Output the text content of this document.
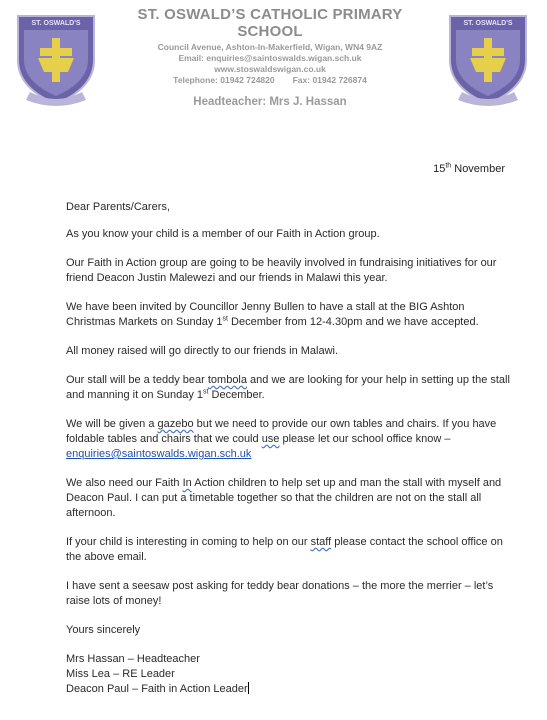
ST. OSWALD'S
ST. OSWALD’S CATHOLIC PRIMARY SCHOOL
Council Avenue, Ashton-In-Makerfield, Wigan, WN4 9AZ
Email: enquiries@saintoswalds.wigan.sch.uk
www.stoswaldswigan.co.uk
Telephone: 01942 724820 Fax: 01942 726874
Headteacher: Mrs J. Hassan
ST. OSWALD'S
15th November

Dear Parents/Carers,

As you know your child is a member of our Faith in Action group.

Our Faith in Action group are going to be heavily involved in fundraising initiatives for our friend Deacon Justin Malewezi and our friends in Malawi this year.

We have been invited by Councillor Jenny Bullen to have a stall at the BIG Ashton Christmas Markets on Sunday 1st December from 12-4.30pm and we have accepted.

All money raised will go directly to our friends in Malawi.

Our stall will be a teddy bear tombola and we are looking for your help in setting up the stall and manning it on Sunday 1st December.

We will be given a gazebo but we need to provide our own tables and chairs. If you have foldable tables and chairs that we could use please let our school office know – enquiries@saintoswalds.wigan.sch.uk

We also need our Faith In Action children to help set up and man the stall with myself and Deacon Paul. I can put a timetable together so that the children are not on the stall all afternoon.

If your child is interesting in coming to help on our staff please contact the school office on the above email.

I have sent a seesaw post asking for teddy bear donations – the more the merrier – let’s raise lots of money!

Yours sincerely

Mrs Hassan – Headteacher
Miss Lea – RE Leader
Deacon Paul – Faith in Action Leader
